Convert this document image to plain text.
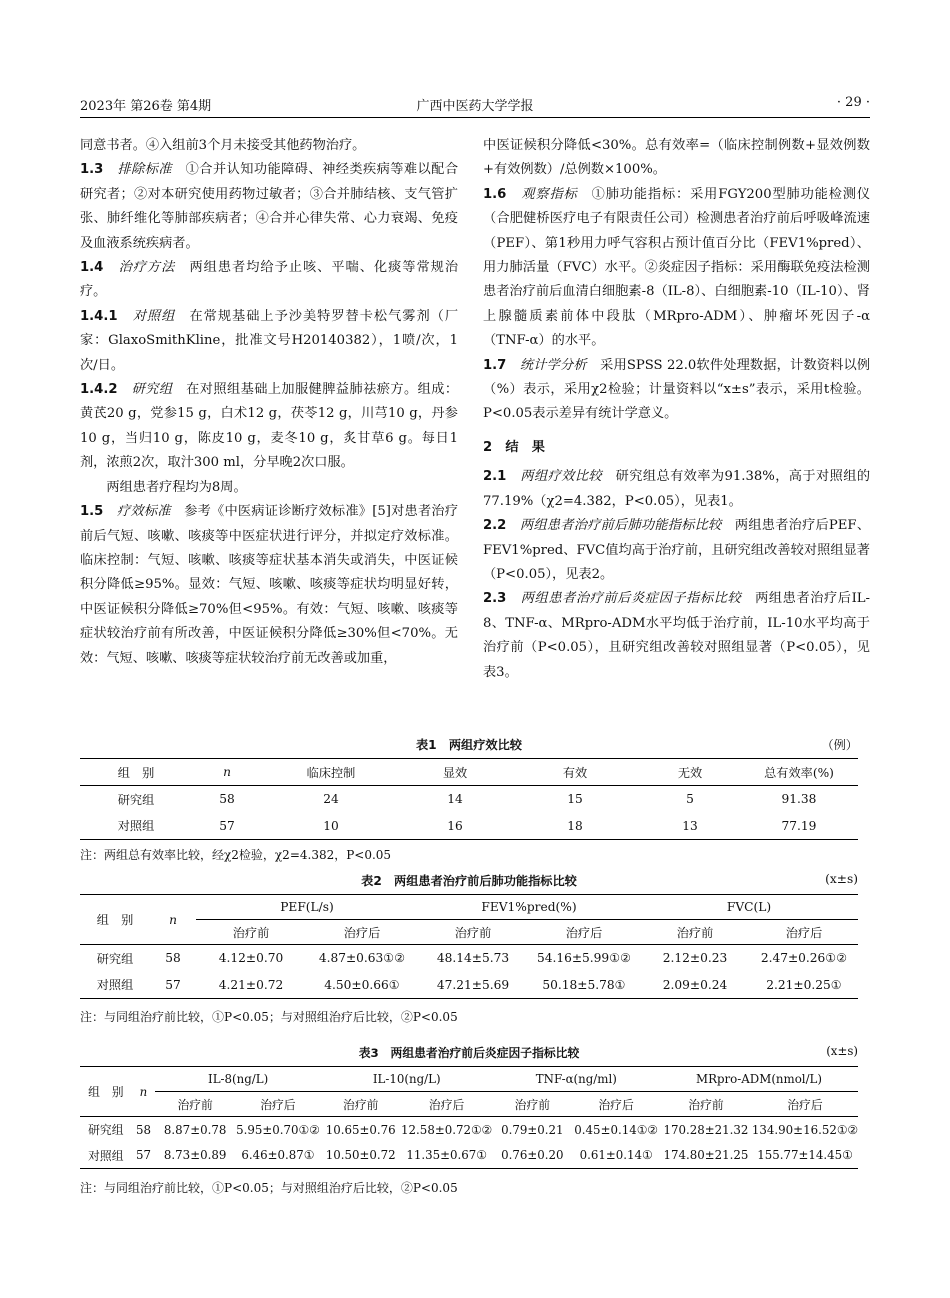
2023年 第26卷 第4期	广西中医药大学学报	· 29 ·

同意书者。④入组前3个月未接受其他药物治疗。

1.3　 排除标准　 ①合并认知功能障碍、神经类疾病等难以配合研究者；②对本研究使用药物过敏者；③合并肺结核、支气管扩张、肺纤维化等肺部疾病者；④合并心律失常、心力衰竭、免疫及血液系统疾病者。

1.4　 治疗方法　 两组患者均给予止咳、平喘、化痰等常规治疗。

1.4.1　 对照组　 在常规基础上予沙美特罗替卡松气雾剂（厂家：GlaxoSmithKline，批准文号H20140382），1喷/次，1次/日。

1.4.2　 研究组　 在对照组基础上加服健脾益肺祛瘀方。组成：黄芪20 g，党参15 g，白术12 g，茯苓12 g，川芎10 g，丹参10 g，当归10 g，陈皮10 g，麦冬10 g，炙甘草6 g。每日1剂，浓煎2次，取汁300 ml，分早晚2次口服。

两组患者疗程均为8周。

1.5　 疗效标准　 参考《中医病证诊断疗效标准》[5]对患者治疗前后气短、咳嗽、咳痰等中医症状进行评分，并拟定疗效标准。临床控制：气短、咳嗽、咳痰等症状基本消失或消失，中医证候积分降低≥95%。显效：气短、咳嗽、咳痰等症状均明显好转，中医证候积分降低≥70%但<95%。有效：气短、咳嗽、咳痰等症状较治疗前有所改善，中医证候积分降低≥30%但<70%。无效：气短、咳嗽、咳痰等症状较治疗前无改善或加重，

中医证候积分降低<30%。总有效率=（临床控制例数+显效例数+有效例数）/总例数×100%。

1.6　 观察指标　 ①肺功能指标：采用FGY200型肺功能检测仪（合肥健桥医疗电子有限责任公司）检测患者治疗前后呼吸峰流速（PEF）、第1秒用力呼气容积占预计值百分比（FEV1%pred）、用力肺活量（FVC）水平。②炎症因子指标：采用酶联免疫法检测患者治疗前后血清白细胞素-8（IL-8）、白细胞素-10（IL-10）、肾上腺髓质素前体中段肽（MRpro-ADM）、肿瘤坏死因子-α（TNF-α）的水平。

1.7　 统计学分析　 采用SPSS 22.0软件处理数据，计数资料以例（%）表示，采用χ2检验；计量资料以“x±s”表示，采用t检验。P<0.05表示差异有统计学意义。

2　结　果

2.1　 两组疗效比较　 研究组总有效率为91.38%，高于对照组的77.19%（χ2=4.382，P<0.05），见表1。

2.2　 两组患者治疗前后肺功能指标比较　 两组患者治疗后PEF、FEV1%pred、FVC值均高于治疗前，且研究组改善较对照组显著（P<0.05），见表2。

2.3　 两组患者治疗前后炎症因子指标比较　 两组患者治疗后IL-8、TNF-α、MRpro-ADM水平均低于治疗前，IL-10水平均高于治疗前（P<0.05），且研究组改善较对照组显著（P<0.05），见表3。

表1　两组疗效比较	（例）
组　别	n	临床控制	显效	有效	无效	总有效率(%)
研究组	58	24	14	15	5	91.38
对照组	57	10	16	18	13	77.19
注：两组总有效率比较，经χ2检验，χ2=4.382，P<0.05
表2　两组患者治疗前后肺功能指标比较	(x±s)
组　别	n	PEF(L/s)		FEV1%pred(%)		FVC(L)	
		治疗前	治疗后	治疗前	治疗后	治疗前	治疗后
研究组	58	4.12±0.70	4.87±0.63①②	48.14±5.73	54.16±5.99①②	2.12±0.23	2.47±0.26①②
对照组	57	4.21±0.72	4.50±0.66①	47.21±5.69	50.18±5.78①	2.09±0.24	2.21±0.25①
注：与同组治疗前比较，①P<0.05；与对照组治疗后比较，②P<0.05
表3　两组患者治疗前后炎症因子指标比较	(x±s)
组　别	n	IL-8(ng/L)		IL-10(ng/L)		TNF-α(ng/ml)		MRpro-ADM(nmol/L)	
		治疗前	治疗后	治疗前	治疗后	治疗前	治疗后	治疗前	治疗后
研究组	58	8.87±0.78	5.95±0.70①②	10.65±0.76	12.58±0.72①②	0.79±0.21	0.45±0.14①②	170.28±21.32	134.90±16.52①②
对照组	57	8.73±0.89	6.46±0.87①	10.50±0.72	11.35±0.67①	0.76±0.20	0.61±0.14①	174.80±21.25	155.77±14.45①
注：与同组治疗前比较，①P<0.05；与对照组治疗后比较，②P<0.05
